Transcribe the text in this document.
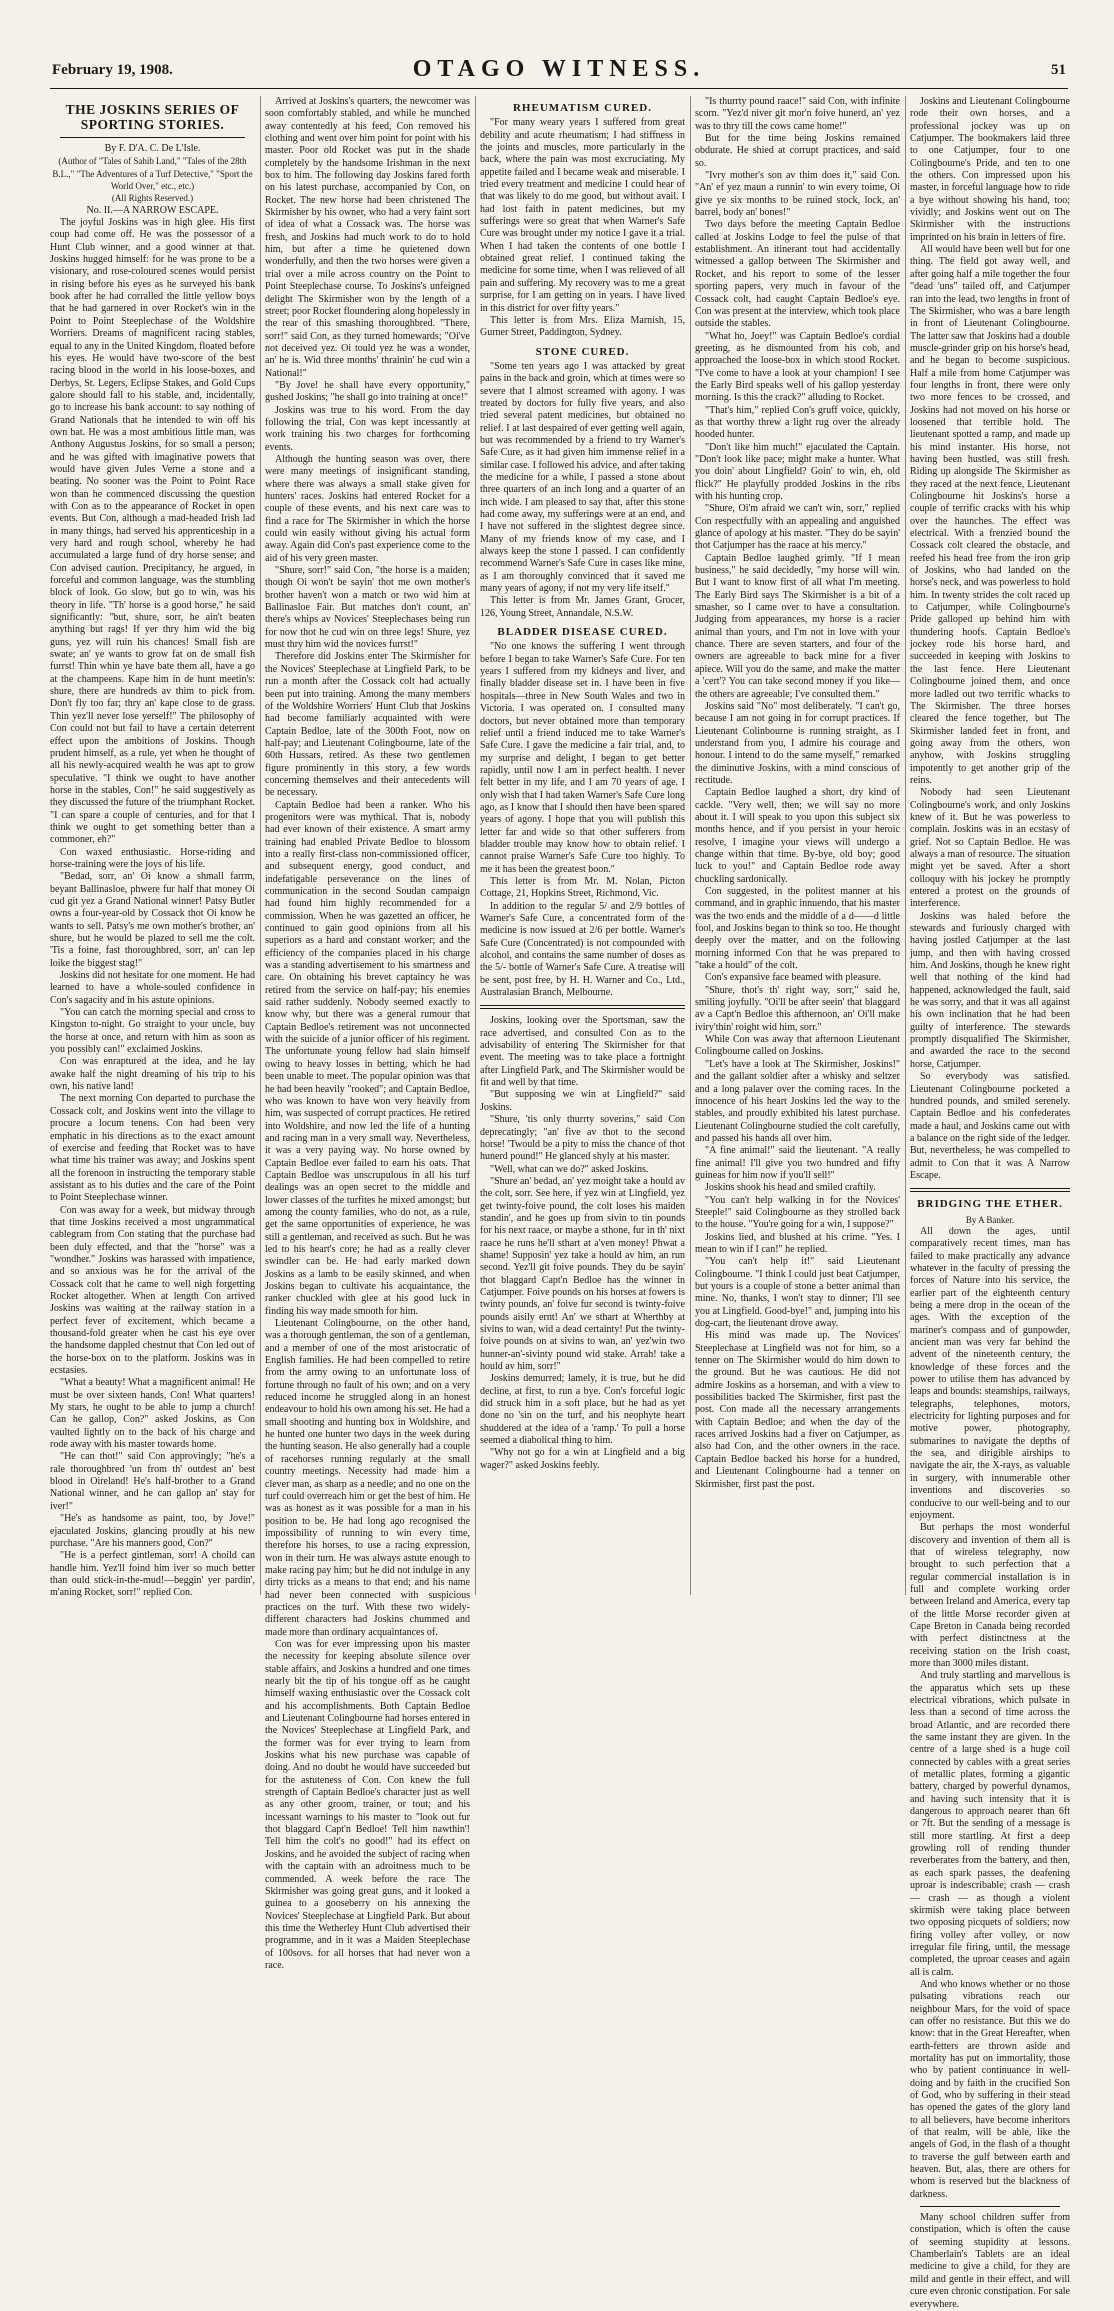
February 19, 1908.	OTAGO WITNESS.	51
THE JOSKINS SERIES OF SPORTING STORIES.

By F. D'A. C. De L'Isle.

(Author of "Tales of Sahib Land," "Tales of the 28th B.L.," "The Adventures of a Turf Detective," "Sport the World Over," etc., etc.)

(All Rights Reserved.)

No. II.—A NARROW ESCAPE.

The joyful Joskins was in high glee. His first coup had come off. He was the possessor of a Hunt Club winner, and a good winner at that. Joskins hugged himself: for he was prone to be a visionary, and rose-coloured scenes would persist in rising before his eyes as he surveyed his bank book after he had corralled the little yellow boys that he had garnered in over Rocket's win in the Point to Point Steeplechase of the Woldshire Worriers. Dreams of magnificent racing stables, equal to any in the United Kingdom, floated before his eyes. He would have two-score of the best racing blood in the world in his loose-boxes, and Derbys, St. Legers, Eclipse Stakes, and Gold Cups galore should fall to his stable, and, incidentally, go to increase his bank account: to say nothing of Grand Nationals that he intended to win off his own bat. He was a most ambitious little man, was Anthony Augustus Joskins, for so small a person; and he was gifted with imaginative powers that would have given Jules Verne a stone and a beating. No sooner was the Point to Point Race won than he commenced discussing the question with Con as to the appearance of Rocket in open events. But Con, although a mad-headed Irish lad in many things, had served his apprenticeship in a very hard and rough school, whereby he had accumulated a large fund of dry horse sense; and Con advised caution. Precipitancy, he argued, in forceful and common language, was the stumbling block of look. Go slow, but go to win, was his theory in life. "Th' horse is a good horse," he said significantly: "but, shure, sorr, he ain't beaten anything but rags! If yer thry him wid the big guns, yez will ruin his chances! Small fish are swate; an' ye wants to grow fat on de small fish furrst! Thin whin ye have bate them all, have a go at the champeens. Kape him in de hunt meetin's: shure, there are hundreds av thim to pick from. Don't fly too far; thry an' kape close to de grass. Thin yez'll never lose yerself!" The philosophy of Con could not but fail to have a certain deterrent effect upon the ambitions of Joskins. Though prudent himself, as a rule, yet when he thought of all his newly-acquired wealth he was apt to grow speculative. "I think we ought to have another horse in the stables, Con!" he said suggestively as they discussed the future of the triumphant Rocket. "I can spare a couple of centuries, and for that I think we ought to get something better than a commoner, eh?"

Con waxed enthusiastic. Horse-riding and horse-training were the joys of his life.

"Bedad, sorr, an' Oi know a shmall farrm, beyant Ballinasloe, phwere fur half that money Oi cud git yez a Grand National winner! Patsy Butler owns a four-year-old by Cossack thot Oi know he wants to sell. Patsy's me own mother's brother, an' shure, but he would be plazed to sell me the colt. 'Tis a foine, fast thoroughbred, sorr, an' can lep loike the biggest stag!"

Joskins did not hesitate for one moment. He had learned to have a whole-souled confidence in Con's sagacity and in his astute opinions.

"You can catch the morning special and cross to Kingston to-night. Go straight to your uncle, buy the horse at once, and return with him as soon as you possibly can!" exclaimed Joskins.

Con was enraptured at the idea, and he lay awake half the night dreaming of his trip to his own, his native land!

The next morning Con departed to purchase the Cossack colt, and Joskins went into the village to procure a locum tenens. Con had been very emphatic in his directions as to the exact amount of exercise and feeding that Rocket was to have what time his trainer was away; and Joskins spent all the forenoon in instructing the temporary stable assistant as to his duties and the care of the Point to Point Steeplechase winner.

Con was away for a week, but midway through that time Joskins received a most ungrammatical cablegram from Con stating that the purchase had been duly effected, and that the "horse" was a "wondher." Joskins was harassed with impatience, and so anxious was he for the arrival of the Cossack colt that he came to well nigh forgetting Rocket altogether. When at length Con arrived Joskins was waiting at the railway station in a perfect fever of excitement, which became a thousand-fold greater when he cast his eye over the handsome dappled chestnut that Con led out of the horse-box on to the platform. Joskins was in ecstasies.

"What a beauty! What a magnificent animal! He must be over sixteen hands, Con! What quarters! My stars, he ought to be able to jump a church! Can he gallop, Con?" asked Joskins, as Con vaulted lightly on to the back of his charge and rode away with his master towards home.

"He can thot!" said Con approvingly; "he's a rale thoroughbred 'un from th' outdest an' best blood in Oireland! He's half-brother to a Grand National winner, and he can gallop an' stay for iver!"

"He's as handsome as paint, too, by Jove!" ejaculated Joskins, glancing proudly at his new purchase. "Are his manners good, Con?"

"He is a perfect gintleman, sorr! A choild can handle him. Yez'll foind him iver so much better than ould stick-in-the-mud!—beggin' yer pardin', m'aning Rocket, sorr!" replied Con.

Arrived at Joskins's quarters, the newcomer was soon comfortably stabled, and while he munched away contentedly at his feed, Con removed his clothing and went over him point for point with his master. Poor old Rocket was put in the shade completely by the handsome Irishman in the next box to him. The following day Joskins fared forth on his latest purchase, accompanied by Con, on Rocket. The new horse had been christened The Skirmisher by his owner, who had a very faint sort of idea of what a Cossack was. The horse was fresh, and Joskins had much work to do to hold him, but after a time he quietened down wonderfully, and then the two horses were given a trial over a mile across country on the Point to Point Steeplechase course. To Joskins's unfeigned delight The Skirmisher won by the length of a street; poor Rocket floundering along hopelessly in the rear of this smashing thoroughbred. "There, sorr!" said Con, as they turned homewards; "Oi've not deceived yez. Oi tould yez he was a wonder, an' he is. Wid three months' thrainin' he cud win a National!"

"By Jove! he shall have every opportunity," gushed Joskins; "he shall go into training at once!"

Joskins was true to his word. From the day following the trial, Con was kept incessantly at work training his two charges for forthcoming events.

Although the hunting season was over, there were many meetings of insignificant standing, where there was always a small stake given for hunters' races. Joskins had entered Rocket for a couple of these events, and his next care was to find a race for The Skirmisher in which the horse could win easily without giving his actual form away. Again did Con's past experience come to the aid of his very green master.

"Shure, sorr!" said Con, "the horse is a maiden; though Oi won't be sayin' thot me own mother's brother haven't won a match or two wid him at Ballinasloe Fair. But matches don't count, an' there's whips av Novices' Steeplechases being run for now thot he cud win on three legs! Shure, yez must thry him wid the novices furrst!"

Therefore did Joskins enter The Skirmisher for the Novices' Steeplechase at Lingfield Park, to be run a month after the Cossack colt had actually been put into training. Among the many members of the Woldshire Worriers' Hunt Club that Joskins had become familiarly acquainted with were Captain Bedloe, late of the 300th Foot, now on half-pay; and Lieutenant Colingbourne, late of the 60th Hussars, retired. As these two gentlemen figure prominently in this story, a few words concerning themselves and their antecedents will be necessary.

Captain Bedloe had been a ranker. Who his progenitors were was mythical. That is, nobody had ever known of their existence. A smart army training had enabled Private Bedloe to blossom into a really first-class non-commissioned officer, and subsequent energy, good conduct, and indefatigable perseverance on the lines of communication in the second Soudan campaign had found him highly recommended for a commission. When he was gazetted an officer, he continued to gain good opinions from all his superiors as a hard and constant worker; and the efficiency of the companies placed in his charge was a standing advertisement to his smartness and care. On obtaining his brevet captaincy he was retired from the service on half-pay; his enemies said rather suddenly. Nobody seemed exactly to know why, but there was a general rumour that Captain Bedloe's retirement was not unconnected with the suicide of a junior officer of his regiment. The unfortunate young fellow had slain himself owing to heavy losses in betting, which he had been unable to meet. The popular opinion was that he had been heavily "rooked"; and Captain Bedloe, who was known to have won very heavily from him, was suspected of corrupt practices. He retired into Woldshire, and now led the life of a hunting and racing man in a very small way. Nevertheless, it was a very paying way. No horse owned by Captain Bedloe ever failed to earn his oats. That Captain Bedloe was unscrupulous in all his turf dealings was an open secret to the middle and lower classes of the turfites he mixed amongst; but among the county families, who do not, as a rule, get the same opportunities of experience, he was still a gentleman, and received as such. But he was led to his heart's core; he had as a really clever swindler can be. He had early marked down Joskins as a lamb to be easily skinned, and when Joskins began to cultivate his acquaintance, the ranker chuckled with glee at his good luck in finding his way made smooth for him.

Lieutenant Colingbourne, on the other hand, was a thorough gentleman, the son of a gentleman, and a member of one of the most aristocratic of English families. He had been compelled to retire from the army owing to an unfortunate loss of fortune through no fault of his own; and on a very reduced income he struggled along in an honest endeavour to hold his own among his set. He had a small shooting and hunting box in Woldshire, and he hunted one hunter two days in the week during the hunting season. He also generally had a couple of racehorses running regularly at the small country meetings. Necessity had made him a clever man, as sharp as a needle; and no one on the turf could overreach him or get the best of him. He was as honest as it was possible for a man in his position to be. He had long ago recognised the impossibility of running to win every time, therefore his horses, to use a racing expression, won in their turn. He was always astute enough to make racing pay him; but he did not indulge in any dirty tricks as a means to that end; and his name had never been connected with suspicious practices on the turf. With these two widely-different characters had Joskins chummed and made more than ordinary acquaintances of.

Con was for ever impressing upon his master the necessity for keeping absolute silence over stable affairs, and Joskins a hundred and one times nearly bit the tip of his tongue off as he caught himself waxing enthusiastic over the Cossack colt and his accomplishments. Both Captain Bedloe and Lieutenant Colingbourne had horses entered in the Novices' Steeplechase at Lingfield Park, and the former was for ever trying to learn from Joskins what his new purchase was capable of doing. And no doubt he would have succeeded but for the astuteness of Con. Con knew the full strength of Captain Bedloe's character just as well as any other groom, trainer, or tout; and his incessant warnings to his master to "look out fur thot blaggard Capt'n Bedloe! Tell him nawthin'! Tell him the colt's no good!" had its effect on Joskins, and he avoided the subject of racing when with the captain with an adroitness much to be commended. A week before the race The Skirmisher was going great guns, and it looked a guinea to a gooseberry on his annexing the Novices' Steeplechase at Lingfield Park. But about this time the Wetherley Hunt Club advertised their programme, and in it was a Maiden Steeplechase of 100sovs. for all horses that had never won a race.

RHEUMATISM CURED.

"For many weary years I suffered from great debility and acute rheumatism; I had stiffness in the joints and muscles, more particularly in the back, where the pain was most excruciating. My appetite failed and I became weak and miserable. I tried every treatment and medicine I could hear of that was likely to do me good, but without avail. I had lost faith in patent medicines, but my sufferings were so great that when Warner's Safe Cure was brought under my notice I gave it a trial. When I had taken the contents of one bottle I obtained great relief. I continued taking the medicine for some time, when I was relieved of all pain and suffering. My recovery was to me a great surprise, for I am getting on in years. I have lived in this district for over fifty years."

This letter is from Mrs. Eliza Marnish, 15, Gurner Street, Paddington, Sydney.

STONE CURED.

"Some ten years ago I was attacked by great pains in the back and groin, which at times were so severe that I almost screamed with agony. I was treated by doctors for fully five years, and also tried several patent medicines, but obtained no relief. I at last despaired of ever getting well again, but was recommended by a friend to try Warner's Safe Cure, as it had given him immense relief in a similar case. I followed his advice, and after taking the medicine for a while, I passed a stone about three quarters of an inch long and a quarter of an inch wide. I am pleased to say that, after this stone had come away, my sufferings were at an end, and I have not suffered in the slightest degree since. Many of my friends know of my case, and I always keep the stone I passed. I can confidently recommend Warner's Safe Cure in cases like mine, as I am thoroughly convinced that it saved me many years of agony, if not my very life itself."

This letter is from Mr. James Grant, Grocer, 126, Young Street, Annandale, N.S.W.

BLADDER DISEASE CURED.

"No one knows the suffering I went through before I began to take Warner's Safe Cure. For ten years I suffered from my kidneys and liver, and finally bladder disease set in. I have been in five hospitals—three in New South Wales and two in Victoria. I was operated on. I consulted many doctors, but never obtained more than temporary relief until a friend induced me to take Warner's Safe Cure. I gave the medicine a fair trial, and, to my surprise and delight, I began to get better rapidly, until now I am in perfect health. I never felt better in my life, and I am 70 years of age. I only wish that I had taken Warner's Safe Cure long ago, as I know that I should then have been spared years of agony. I hope that you will publish this letter far and wide so that other sufferers from bladder trouble may know how to obtain relief. I cannot praise Warner's Safe Cure too highly. To me it has been the greatest boon."

This letter is from Mr. M. Nolan, Picton Cottage, 21, Hopkins Street, Richmond, Vic.

In addition to the regular 5/ and 2/9 bottles of Warner's Safe Cure, a concentrated form of the medicine is now issued at 2/6 per bottle. Warner's Safe Cure (Concentrated) is not compounded with alcohol, and contains the same number of doses as the 5/- bottle of Warner's Safe Cure. A treatise will be sent, post free, by H. H. Warner and Co., Ltd., Australasian Branch, Melbourne.

Joskins, looking over the Sportsman, saw the race advertised, and consulted Con as to the advisability of entering The Skirmisher for that event. The meeting was to take place a fortnight after Lingfield Park, and The Skirmisher would be fit and well by that time.

"But supposing we win at Lingfield?" said Joskins.

"Shure, 'tis only thurrty soverins," said Con deprecatingly; "an' five av thot to the second horse! 'Twould be a pity to miss the chance of thot hunerd pound!" He glanced shyly at his master.

"Well, what can we do?" asked Joskins.

"Shure an' bedad, an' yez moight take a hould av the colt, sorr. See here, if yez win at Lingfield, yez get twinty-foive pound, the colt loses his maiden standin', and he goes up from sivin to tin pounds for his next raace, or maybe a sthone, fur in th' nixt raace he runs he'll sthart at a'ven money! Phwat a shame! Supposin' yez take a hould av him, an run second. Yez'll git foive pounds. They du be sayin' thot blaggard Capt'n Bedloe has the winner in Catjumper. Foive pounds on his horses at fowers is twinty pounds, an' foive fur second is twinty-foive pounds aisily ernt! An' we sthart at Wherthby at sivins to wan, wid a dead certainty! Put the twinty-foive pounds on at sivins to wan, an' yez'win two hunner-an'-sivinty pound wid stake. Arrah! take a hould av him, sorr!"

Joskins demurred; lamely, it is true, but he did decline, at first, to run a bye. Con's forceful logic did struck him in a soft place, but he had as yet done no 'sin on the turf, and his neophyte heart shuddered at the idea of a 'ramp.' To pull a horse seemed a diabolical thing to him.

"Why not go for a win at Lingfield and a big wager?" asked Joskins feebly.

"Is thurrty pound raace!" said Con, with infinite scorn. "Yez'd niver git mor'n foive hunerd, an' yez was to thry till the cows came home!"

But for the time being Joskins remained obdurate. He shied at corrupt practices, and said so.

"Ivry mother's son av thim does it," said Con. "An' ef yez maun a runnin' to win every toime, Oi give ye six months to be ruined stock, lock, an' barrel, body an' bones!"

Two days before the meeting Captain Bedloe called at Joskins Lodge to feel the pulse of that establishment. An itinerant tout had accidentally witnessed a gallop between The Skirmisher and Rocket, and his report to some of the lesser sporting papers, very much in favour of the Cossack colt, had caught Captain Bedloe's eye. Con was present at the interview, which took place outside the stables.

"What ho, Joey!" was Captain Bedloe's cordial greeting, as he dismounted from his cob, and approached the loose-box in which stood Rocket. "I've come to have a look at your champion! I see the Early Bird speaks well of his gallop yesterday morning. Is this the crack?" alluding to Rocket.

"That's him," replied Con's gruff voice, quickly, as that worthy threw a light rug over the already hooded hunter.

"Don't like him much!" ejaculated the Captain. "Don't look like pace; might make a hunter. What you doin' about Lingfield? Goin' to win, eh, old flick?" He playfully prodded Joskins in the ribs with his hunting crop.

"Shure, Oi'm afraid we can't win, sorr," replied Con respectfully with an appealing and anguished glance of apology at his master. "They do be sayin' thot Catjumper has the raace at his mercy."

Captain Bedloe laughed grimly. "If I mean business," he said decidedly, "my horse will win. But I want to know first of all what I'm meeting. The Early Bird says The Skirmisher is a bit of a smasher, so I came over to have a consultation. Judging from appearances, my horse is a racier animal than yours, and I'm not in love with your chance. There are seven starters, and four of the owners are agreeable to back mine for a fiver apiece. Will you do the same, and make the matter a 'cert'? You can take second money if you like—the others are agreeable; I've consulted them."

Joskins said "No" most deliberately. "I can't go, because I am not going in for corrupt practices. If Lieutenant Colinbourne is running straight, as I understand from you, I admire his courage and honour. I intend to do the same myself," remarked the diminutive Joskins, with a mind conscious of rectitude.

Captain Bedloe laughed a short, dry kind of cackle. "Very well, then; we will say no more about it. I will speak to you upon this subject six months hence, and if you persist in your heroic resolve, I imagine your views will undergo a change within that time. By-bye, old boy; good luck to you!" and Captain Bedloe rode away chuckling sardonically.

Con suggested, in the politest manner at his command, and in graphic innuendo, that his master was the two ends and the middle of a d——d little fool, and Joskins began to think so too. He thought deeply over the matter, and on the following morning informed Con that he was prepared to "take a hould" of the colt.

Con's expansive face beamed with pleasure.

"Shure, thot's th' right way, sorr," said he, smiling joyfully. "Oi'll be after seein' that blaggard av a Capt'n Bedloe this afthernoon, an' Oi'll make iviry'thin' roight wid him, sorr."

While Con was away that afternoon Lieutenant Colingbourne called on Joskins.

"Let's have a look at The Skirmisher, Joskins!" and the gallant soldier after a whisky and seltzer and a long palaver over the coming races. In the innocence of his heart Joskins led the way to the stables, and proudly exhibited his latest purchase. Lieutenant Colingbourne studied the colt carefully, and passed his hands all over him.

"A fine animal!" said the lieutenant. "A really fine animal! I'll give you two hundred and fifty guineas for him now if you'll sell!"

Joskins shook his head and smiled craftily.

"You can't help walking in for the Novices' Steeple!" said Colingbourne as they strolled back to the house. "You're going for a win, I suppose?"

Joskins lied, and blushed at his crime. "Yes. I mean to win if I can!" he replied.

"You can't help it!" said Lieutenant Colingbourne. "I think I could just beat Catjumper, but yours is a couple of stone a better animal than mine. No, thanks, I won't stay to dinner; I'll see you at Lingfield. Good-bye!" and, jumping into his dog-cart, the lieutenant drove away.

His mind was made up. The Novices' Steeplechase at Lingfield was not for him, so a tenner on The Skirmisher would do him down to the ground. But he was cautious. He did not admire Joskins as a horseman, and with a view to possibilities backed The Skirmisher, first past the post. Con made all the necessary arrangements with Captain Bedloe; and when the day of the races arrived Joskins had a fiver on Catjumper, as also had Con, and the other owners in the race. Captain Bedloe backed his horse for a hundred, and Lieutenant Colingbourne had a tenner on Skirmisher, first past the post.

Joskins and Lieutenant Colingbourne rode their own horses, and a professional jockey was up on Catjumper. The bookmakers laid three to one Catjumper, four to one Colingbourne's Pride, and ten to one the others. Con impressed upon his master, in forceful language how to ride a bye without showing his hand, too; vividly; and Joskins went out on The Skirmisher with the instructions imprinted on his brain in letters of fire.

All would have been well but for one thing. The field got away well, and after going half a mile together the four "dead 'uns" tailed off, and Catjumper ran into the lead, two lengths in front of The Skirmisher, who was a bare length in front of Lieutenant Colingbourne. The latter saw that Joskins had a double muscle-grinder grip on his horse's head, and he began to become suspicious. Half a mile from home Catjumper was four lengths in front, there were only two more fences to be crossed, and Joskins had not moved on his horse or loosened that terrible hold. The lieutenant spotted a ramp, and made up his mind instanter. His horse, not having been hustled, was still fresh. Riding up alongside The Skirmisher as they raced at the next fence, Lieutenant Colingbourne hit Joskins's horse a couple of terrific cracks with his whip over the haunches. The effect was electrical. With a frenzied bound the Cossack colt cleared the obstacle, and reefed his head free from the iron grip of Joskins, who had landed on the horse's neck, and was powerless to hold him. In twenty strides the colt raced up to Catjumper, while Colingbourne's Pride galloped up behind him with thundering hoofs. Captain Bedloe's jockey rode his horse hard, and succeeded in keeping with Joskins to the last fence. Here Lieutenant Colingbourne joined them, and once more ladled out two terrific whacks to The Skirmisher. The three horses cleared the fence together, but The Skirmisher landed feet in front, and going away from the others, won anyhow, with Joskins struggling impotently to get another grip of the reins.

Nobody had seen Lieutenant Colingbourne's work, and only Joskins knew of it. But he was powerless to complain. Joskins was in an ecstasy of grief. Not so Captain Bedloe. He was always a man of resource. The situation might yet be saved. After a short colloquy with his jockey he promptly entered a protest on the grounds of interference.

Joskins was haled before the stewards and furiously charged with having jostled Catjumper at the last jump, and then with having crossed him. And Joskins, though he knew right well that nothing of the kind had happened, acknowledged the fault, said he was sorry, and that it was all against his own inclination that he had been guilty of interference. The stewards promptly disqualified The Skirmisher, and awarded the race to the second horse, Catjumper.

So everybody was satisfied. Lieutenant Colingbourne pocketed a hundred pounds, and smiled serenely. Captain Bedloe and his confederates made a haul, and Joskins came out with a balance on the right side of the ledger. But, nevertheless, he was compelled to admit to Con that it was A Narrow Escape.

BRIDGING THE ETHER.

By A Banker.

All down the ages, until comparatively recent times, man has failed to make practically any advance whatever in the faculty of pressing the forces of Nature into his service, the earlier part of the eighteenth century being a mere drop in the ocean of the ages. With the exception of the mariner's compass and of gunpowder, ancient man was very far behind the advent of the nineteenth century, the knowledge of these forces and the power to utilise them has advanced by leaps and bounds: steamships, railways, telegraphs, telephones, motors, electricity for lighting purposes and for motive power, photography, submarines to navigate the depths of the sea, and dirigible airships to navigate the air, the X-rays, as valuable in surgery, with innumerable other inventions and discoveries so conducive to our well-being and to our enjoyment.

But perhaps the most wonderful discovery and invention of them all is that of wireless telegraphy, now brought to such perfection that a regular commercial installation is in full and complete working order between Ireland and America, every tap of the little Morse recorder given at Cape Breton in Canada being recorded with perfect distinctness at the receiving station on the Irish coast, more than 3000 miles distant.

And truly startling and marvellous is the apparatus which sets up these electrical vibrations, which pulsate in less than a second of time across the broad Atlantic, and are recorded there the same instant they are given. In the centre of a large shed is a huge coil connected by cables with a great series of metallic plates, forming a gigantic battery, charged by powerful dynamos, and having such intensity that it is dangerous to approach nearer than 6ft or 7ft. But the sending of a message is still more startling. At first a deep growling roll of rending thunder reverberates from the battery, and then, as each spark passes, the deafening uproar is indescribable; crash — crash — crash — as though a violent skirmish were taking place between two opposing picquets of soldiers; now firing volley after volley, or now irregular file firing, until, the message completed, the uproar ceases and again all is calm.

And who knows whether or no those pulsating vibrations reach our neighbour Mars, for the void of space can offer no resistance. But this we do know: that in the Great Hereafter, when earth-fetters are thrown aside and mortality has put on immortality, those who by patient continuance in well-doing and by faith in the crucified Son of God, who by suffering in their stead has opened the gates of the glory land to all believers, have become inheritors of that realm, will be able, like the angels of God, in the flash of a thought to traverse the gulf between earth and heaven. But, alas, there are others for whom is reserved but the blackness of darkness.

Many school children suffer from constipation, which is often the cause of seeming stupidity at lessons. Chamberlain's Tablets are an ideal medicine to give a child, for they are mild and gentle in their effect, and will cure even chronic constipation. For sale everywhere.
